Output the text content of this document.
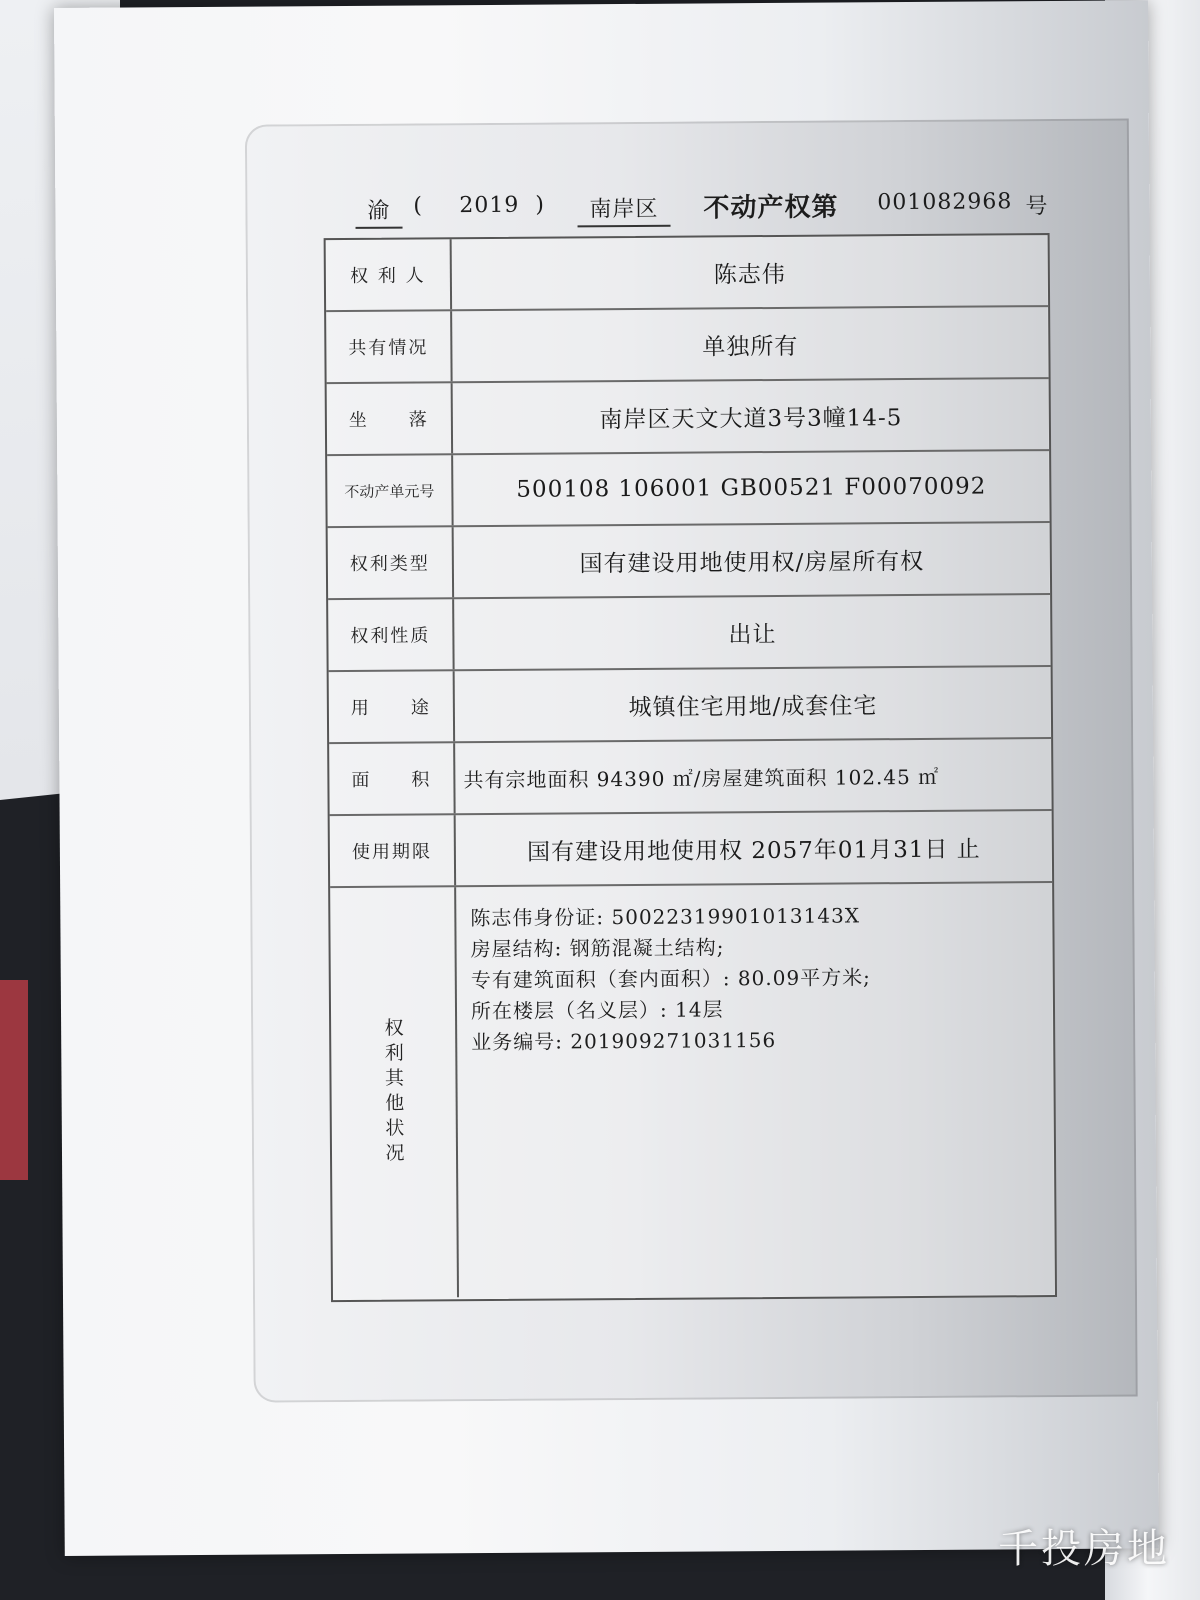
渝	( 2019 )	南岸区	不动产权第 001082968 号
权 利 人	陈志伟
共有情况	单独所有
坐　　落	南岸区天文大道3号3幢14-5
不动产单元号	500108 106001 GB00521 F00070092
权利类型	国有建设用地使用权/房屋所有权
权利性质	出让
用　　途	城镇住宅用地/成套住宅
面　　积	共有宗地面积 94390 ㎡/房屋建筑面积 102.45 ㎡
使用期限	国有建设用地使用权 2057年01月31日 止
权利其他状况
陈志伟身份证: 50022319901013143X
房屋结构: 钢筋混凝土结构;
专有建筑面积（套内面积）: 80.09平方米;
所在楼层（名义层）: 14层
业务编号: 201909271031156
千投房地
